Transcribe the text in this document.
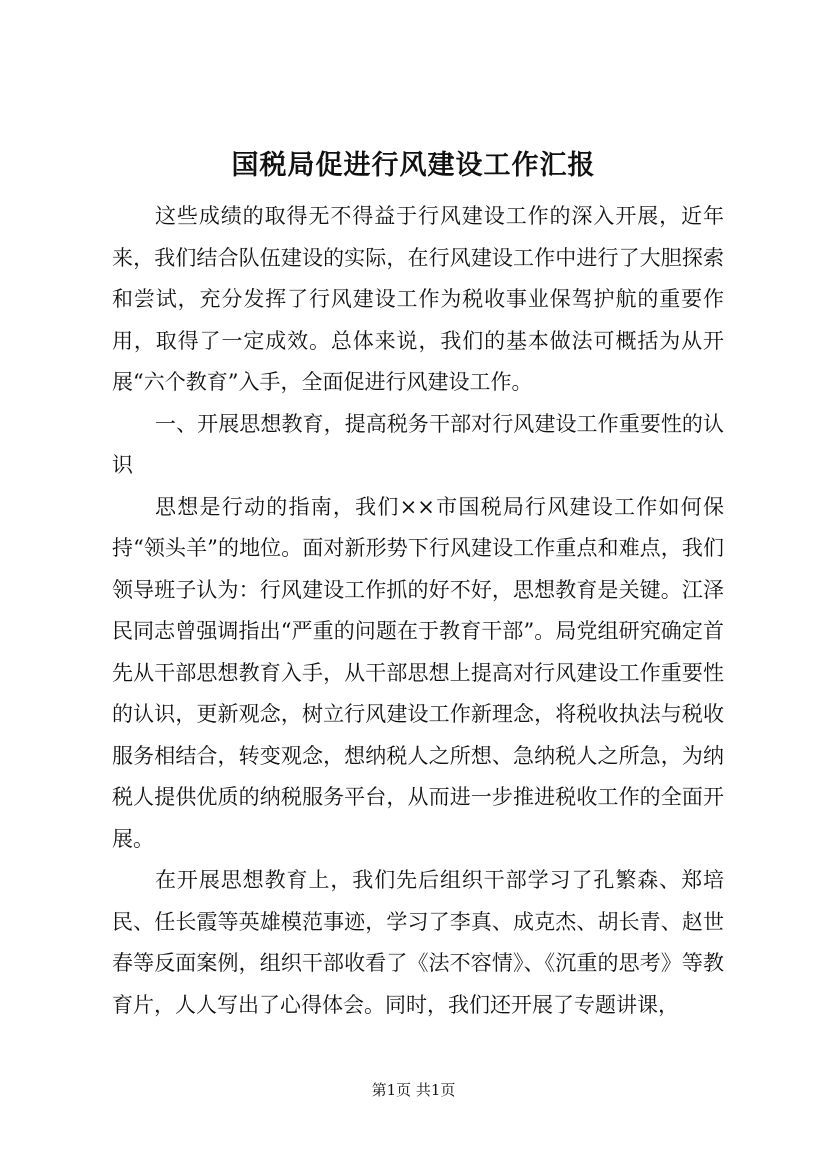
国税局促进行风建设工作汇报

这些成绩的取得无不得益于行风建设工作的深入开展，近年来，我们结合队伍建设的实际，在行风建设工作中进行了大胆探索和尝试，充分发挥了行风建设工作为税收事业保驾护航的重要作用，取得了一定成效。总体来说，我们的基本做法可概括为从开展“六个教育”入手，全面促进行风建设工作。

一、开展思想教育，提高税务干部对行风建设工作重要性的认识

思想是行动的指南，我们××市国税局行风建设工作如何保持“领头羊”的地位。面对新形势下行风建设工作重点和难点，我们领导班子认为：行风建设工作抓的好不好，思想教育是关键。江泽民同志曾强调指出“严重的问题在于教育干部”。局党组研究确定首先从干部思想教育入手，从干部思想上提高对行风建设工作重要性的认识，更新观念，树立行风建设工作新理念，将税收执法与税收服务相结合，转变观念，想纳税人之所想、急纳税人之所急，为纳税人提供优质的纳税服务平台，从而进一步推进税收工作的全面开展。

在开展思想教育上，我们先后组织干部学习了孔繁森、郑培民、任长霞等英雄模范事迹，学习了李真、成克杰、胡长青、赵世春等反面案例，组织干部收看了《法不容情》、《沉重的思考》等教育片，人人写出了心得体会。同时，我们还开展了专题讲课，

第1页 共1页
